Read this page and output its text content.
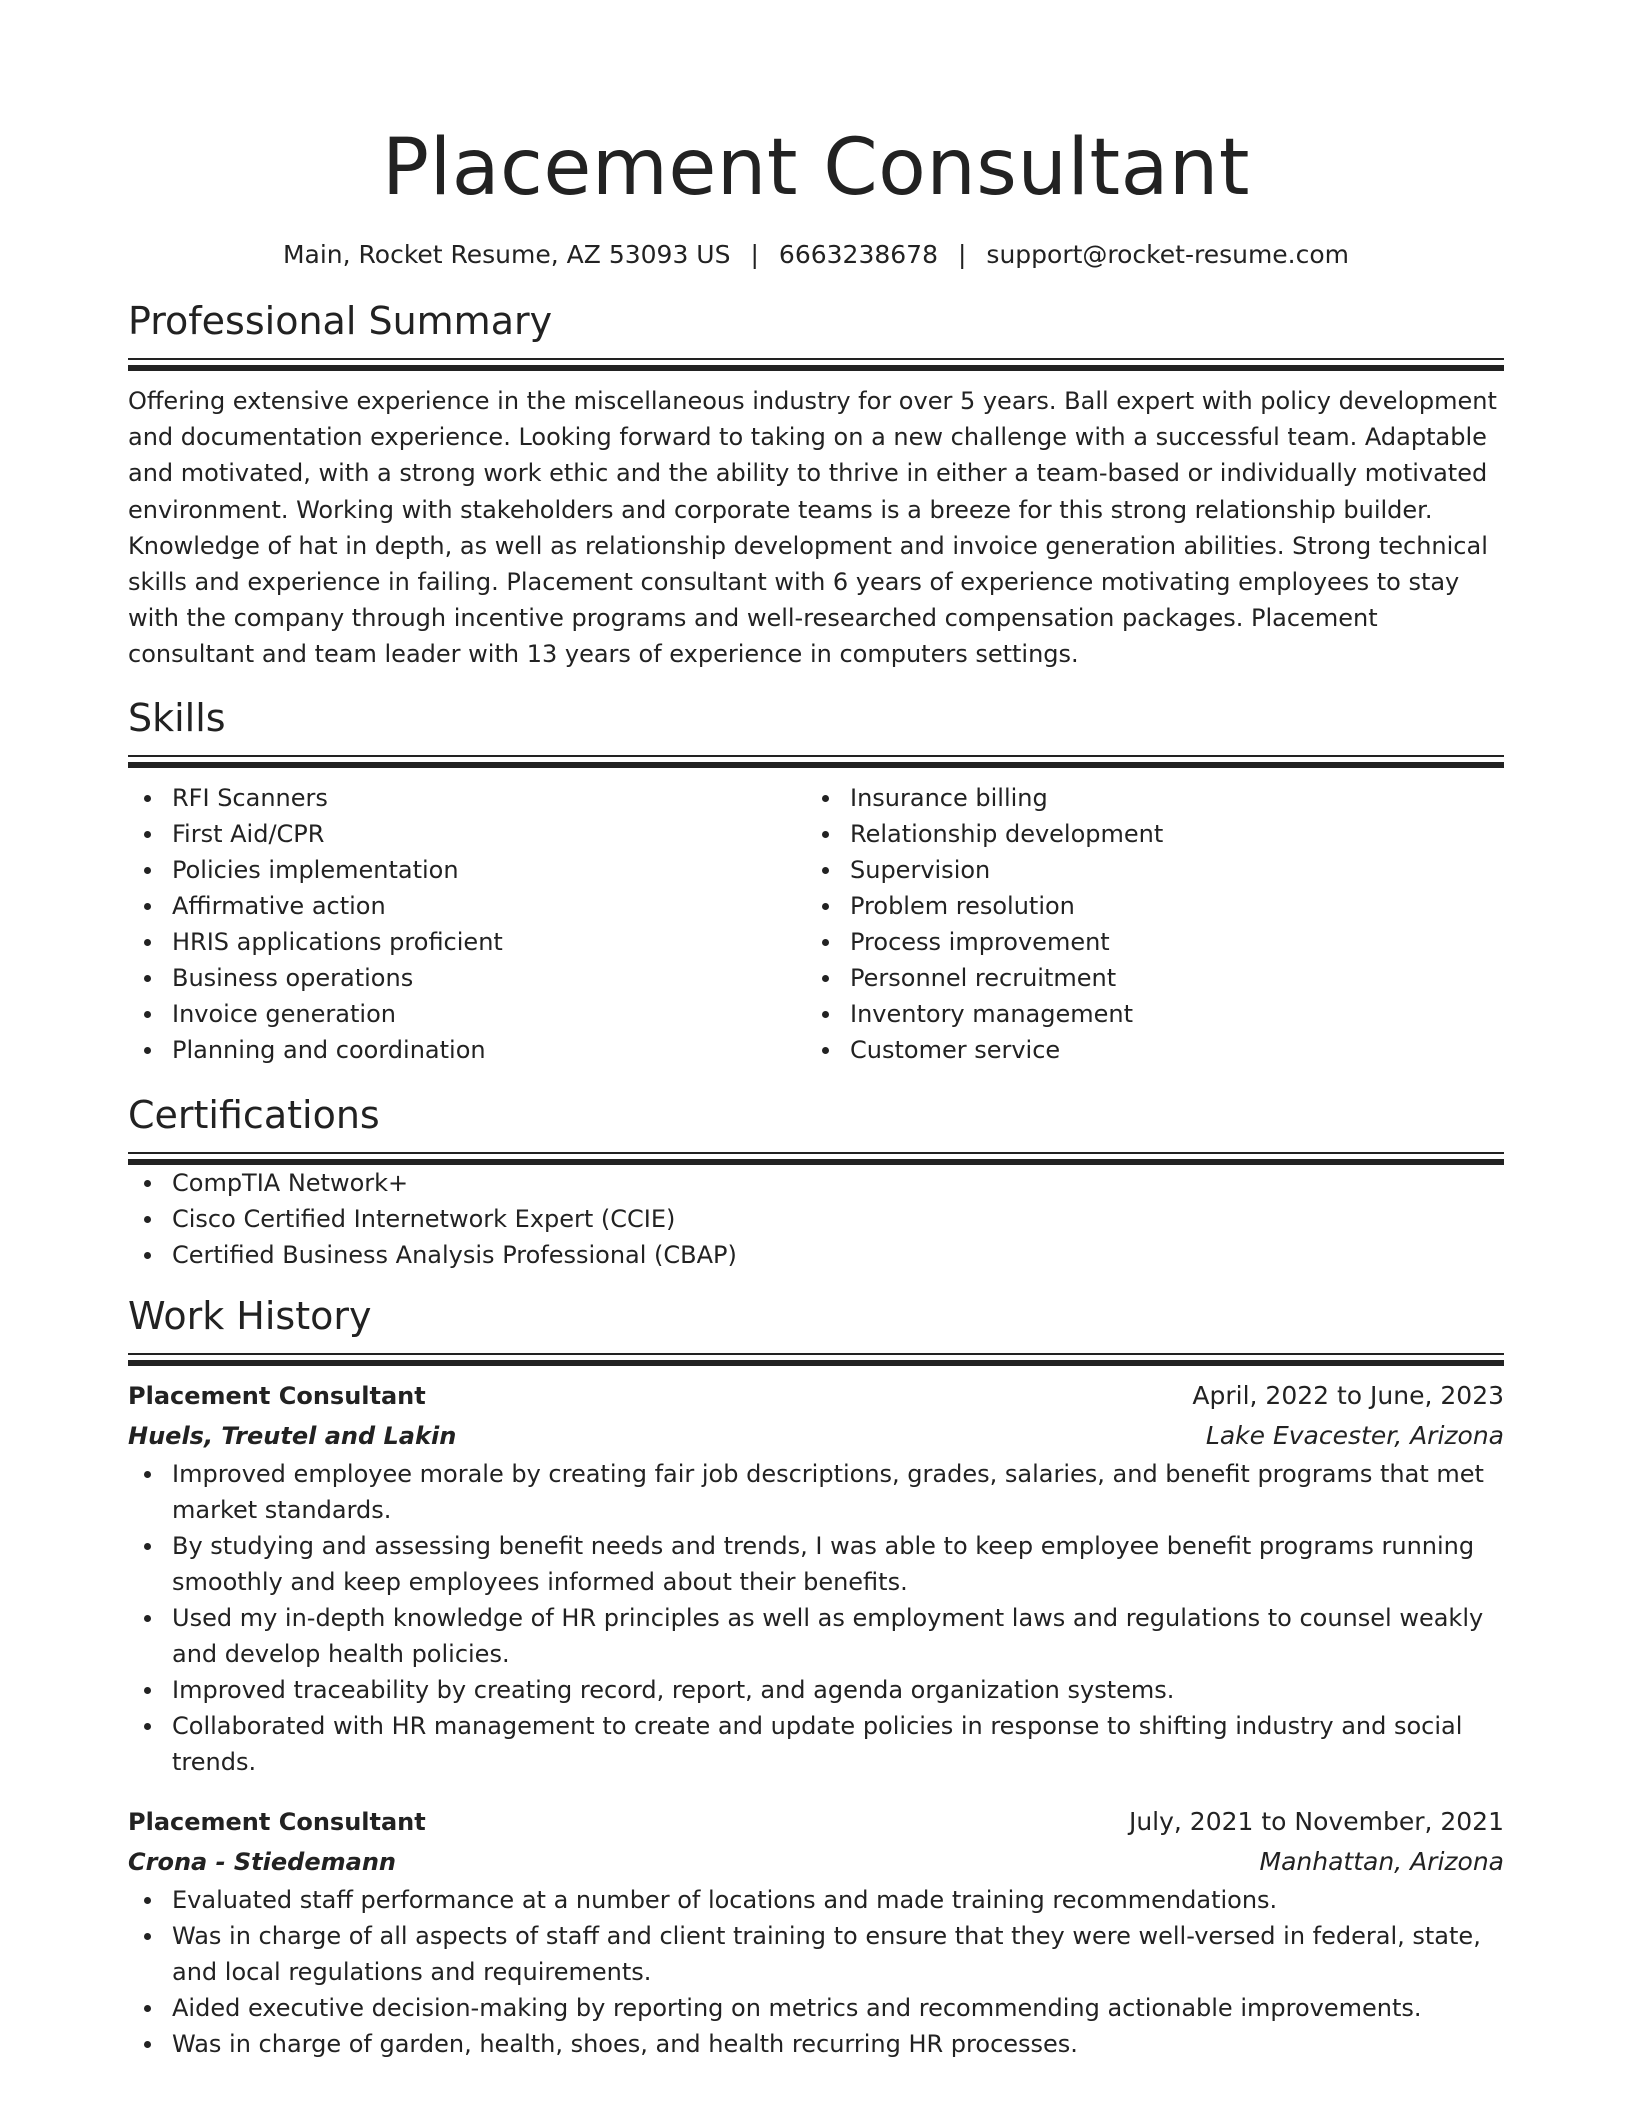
Placement Consultant
Main, Rocket Resume, AZ 53093 US | 6663238678 | support@rocket-resume.com
Professional Summary
Offering extensive experience in the miscellaneous industry for over 5 years. Ball expert with policy development and documentation experience. Looking forward to taking on a new challenge with a successful team. Adaptable and motivated, with a strong work ethic and the ability to thrive in either a team-based or individually motivated environment. Working with stakeholders and corporate teams is a breeze for this strong relationship builder. Knowledge of hat in depth, as well as relationship development and invoice generation abilities. Strong technical skills and experience in failing. Placement consultant with 6 years of experience motivating employees to stay with the company through incentive programs and well-researched compensation packages. Placement consultant and team leader with 13 years of experience in computers settings.
Skills
RFI Scanners
First Aid/CPR
Policies implementation
Affirmative action
HRIS applications proficient
Business operations
Invoice generation
Planning and coordination
Insurance billing
Relationship development
Supervision
Problem resolution
Process improvement
Personnel recruitment
Inventory management
Customer service
Certifications
CompTIA Network+
Cisco Certified Internetwork Expert (CCIE)
Certified Business Analysis Professional (CBAP)
Work History
Placement Consultant	April, 2022 to June, 2023
Huels, Treutel and Lakin	Lake Evacester, Arizona
Improved employee morale by creating fair job descriptions, grades, salaries, and benefit programs that met market standards.
By studying and assessing benefit needs and trends, I was able to keep employee benefit programs running smoothly and keep employees informed about their benefits.
Used my in-depth knowledge of HR principles as well as employment laws and regulations to counsel weakly and develop health policies.
Improved traceability by creating record, report, and agenda organization systems.
Collaborated with HR management to create and update policies in response to shifting industry and social trends.
Placement Consultant	July, 2021 to November, 2021
Crona - Stiedemann	Manhattan, Arizona
Evaluated staff performance at a number of locations and made training recommendations.
Was in charge of all aspects of staff and client training to ensure that they were well-versed in federal, state, and local regulations and requirements.
Aided executive decision-making by reporting on metrics and recommending actionable improvements.
Was in charge of garden, health, shoes, and health recurring HR processes.
